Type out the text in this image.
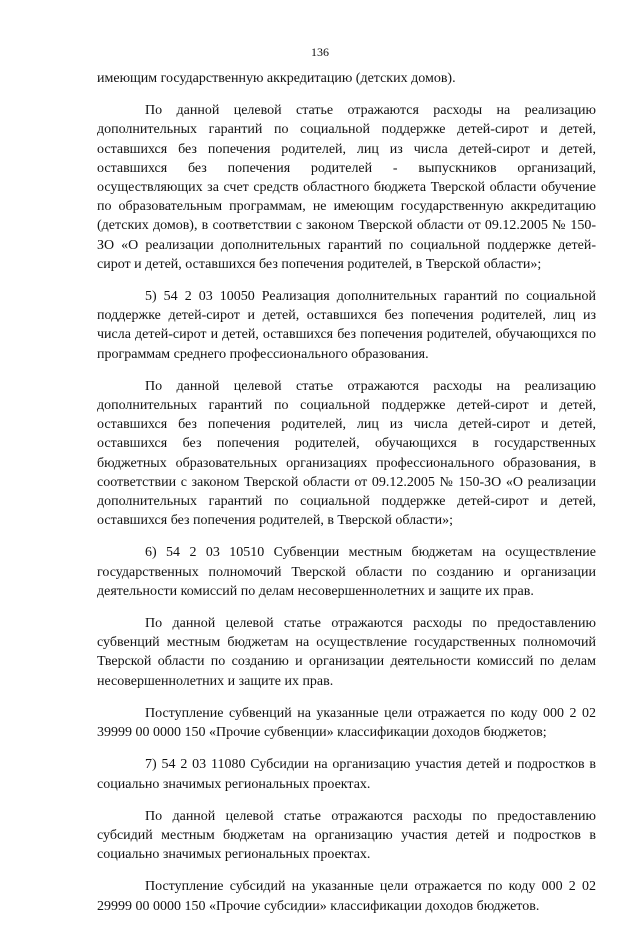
136

имеющим государственную аккредитацию (детских домов).

По данной целевой статье отражаются расходы на реализацию дополнительных гарантий по социальной поддержке детей-сирот и детей, оставшихся без попечения родителей, лиц из числа детей-сирот и детей, оставшихся без попечения родителей - выпускников организаций, осуществляющих за счет средств областного бюджета Тверской области обучение по образовательным программам, не имеющим государственную аккредитацию (детских домов), в соответствии с законом Тверской области от 09.12.2005 № 150-ЗО «О реализации дополнительных гарантий по социальной поддержке детей-сирот и детей, оставшихся без попечения родителей, в Тверской области»;

5) 54 2 03 10050 Реализация дополнительных гарантий по социальной поддержке детей-сирот и детей, оставшихся без попечения родителей, лиц из числа детей-сирот и детей, оставшихся без попечения родителей, обучающихся по программам среднего профессионального образования.

По данной целевой статье отражаются расходы на реализацию дополнительных гарантий по социальной поддержке детей-сирот и детей, оставшихся без попечения родителей, лиц из числа детей-сирот и детей, оставшихся без попечения родителей, обучающихся в государственных бюджетных образовательных организациях профессионального образования, в соответствии с законом Тверской области от 09.12.2005 № 150-ЗО «О реализации дополнительных гарантий по социальной поддержке детей-сирот и детей, оставшихся без попечения родителей, в Тверской области»;

6) 54 2 03 10510 Субвенции местным бюджетам на осуществление государственных полномочий Тверской области по созданию и организации деятельности комиссий по делам несовершеннолетних и защите их прав.

По данной целевой статье отражаются расходы по предоставлению субвенций местным бюджетам на осуществление государственных полномочий Тверской области по созданию и организации деятельности комиссий по делам несовершеннолетних и защите их прав.

Поступление субвенций на указанные цели отражается по коду 000 2 02 39999 00 0000 150 «Прочие субвенции» классификации доходов бюджетов;

7) 54 2 03 11080 Субсидии на организацию участия детей и подростков в социально значимых региональных проектах.

По данной целевой статье отражаются расходы по предоставлению субсидий местным бюджетам на организацию участия детей и подростков в социально значимых региональных проектах.

Поступление субсидий на указанные цели отражается по коду 000 2 02 29999 00 0000 150 «Прочие субсидии» классификации доходов бюджетов.
